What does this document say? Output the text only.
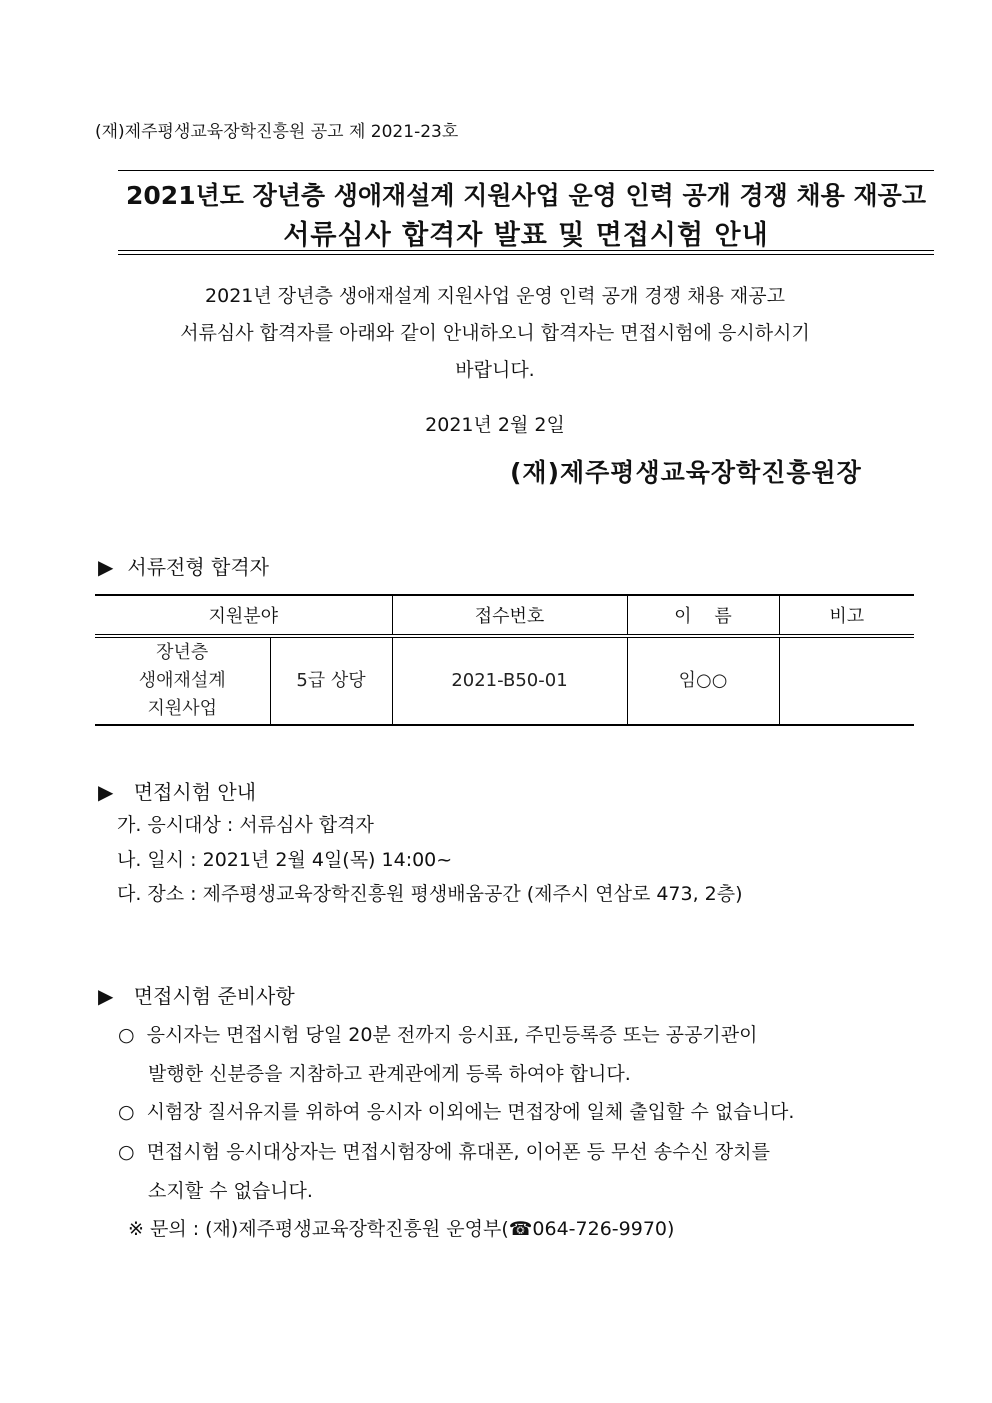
(재)제주평생교육장학진흥원 공고 제 2021-23호
2021년도 장년층 생애재설계 지원사업 운영 인력 공개 경쟁 채용 재공고
서류심사 합격자 발표 및 면접시험 안내
2021년 장년층 생애재설계 지원사업 운영 인력 공개 경쟁 채용 재공고
서류심사 합격자를 아래와 같이 안내하오니 합격자는 면접시험에 응시하시기
바랍니다.
2021년 2월 2일
(재)제주평생교육장학진흥원장
▶ 서류전형 합격자
지원분야		접수번호	이    름	비고

장년층
생애재설계
지원사업	5급 상당	2021-B50-01	임○○	
▶ 면접시험 안내
가. 응시대상 : 서류심사 합격자
나. 일시 : 2021년 2월 4일(목) 14:00~
다. 장소 : 제주평생교육장학진흥원 평생배움공간 (제주시 연삼로 473, 2층)
▶ 면접시험 준비사항
○ 응시자는 면접시험 당일 20분 전까지 응시표, 주민등록증 또는 공공기관이
발행한 신분증을 지참하고 관계관에게 등록 하여야 합니다.
○ 시험장 질서유지를 위하여 응시자 이외에는 면접장에 일체 출입할 수 없습니다.
○ 면접시험 응시대상자는 면접시험장에 휴대폰, 이어폰 등 무선 송수신 장치를
소지할 수 없습니다.
※ 문의 : (재)제주평생교육장학진흥원 운영부(☎064-726-9970)
